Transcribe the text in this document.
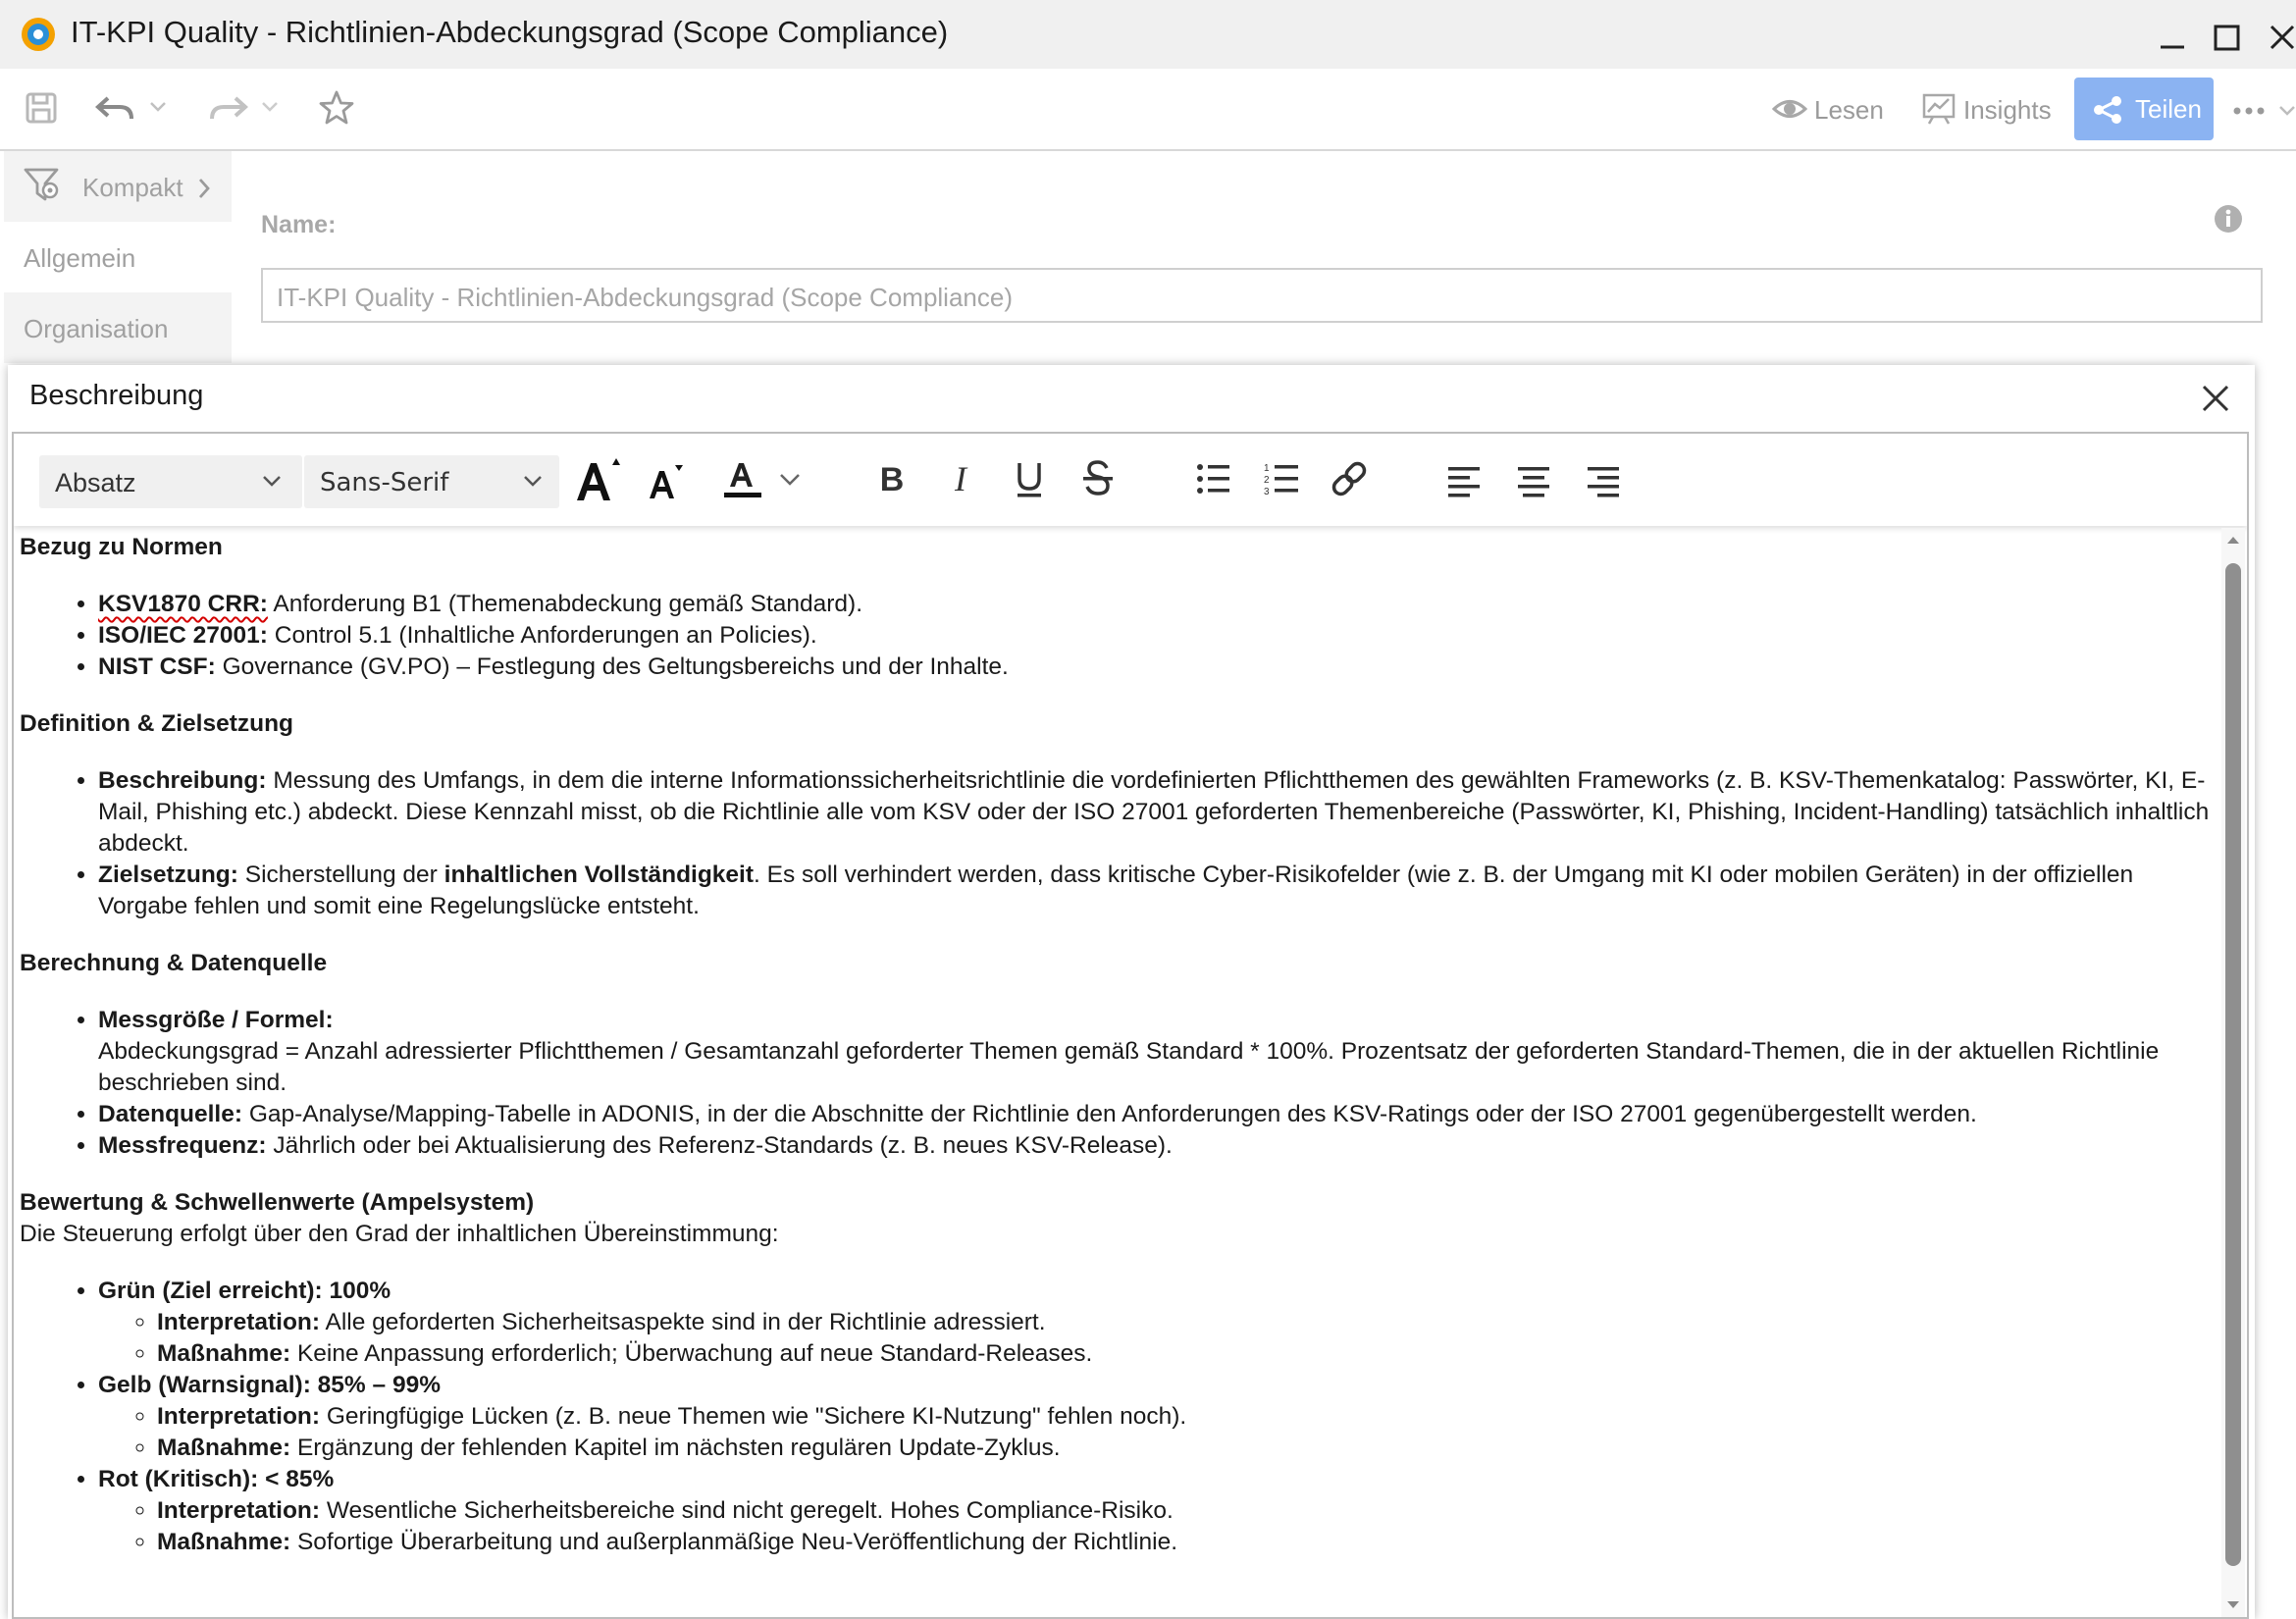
IT-KPI Quality - Richtlinien-Abdeckungsgrad (Scope Compliance)
Lesen	Insights	Teilen
Kompakt
Allgemein
Organisation
Name:
IT-KPI Quality - Richtlinien-Abdeckungsgrad (Scope Compliance)
Beschreibung
Absatz	Sans-Serif	B I	1
2
3
Bezug zu Normen
• KSV1870 CRR: Anforderung B1 (Themenabdeckung gemäß Standard).
• ISO/IEC 27001: Control 5.1 (Inhaltliche Anforderungen an Policies).
• NIST CSF: Governance (GV.PO) – Festlegung des Geltungsbereichs und der Inhalte.
Definition & Zielsetzung
• Beschreibung: Messung des Umfangs, in dem die interne Informationssicherheitsrichtlinie die vordefinierten Pflichtthemen des gewählten Frameworks (z. B. KSV-Themenkatalog: Passwörter, KI, E-Mail, Phishing etc.) abdeckt. Diese Kennzahl misst, ob die Richtlinie alle vom KSV oder der ISO 27001 geforderten Themenbereiche (Passwörter, KI, Phishing, Incident-Handling) tatsächlich inhaltlich abdeckt.
• Zielsetzung: Sicherstellung der inhaltlichen Vollständigkeit. Es soll verhindert werden, dass kritische Cyber-Risikofelder (wie z. B. der Umgang mit KI oder mobilen Geräten) in der offiziellen Vorgabe fehlen und somit eine Regelungslücke entsteht.
Berechnung & Datenquelle
• Messgröße / Formel:
Abdeckungsgrad = Anzahl adressierter Pflichtthemen / Gesamtanzahl geforderter Themen gemäß Standard * 100%. Prozentsatz der geforderten Standard-Themen, die in der aktuellen Richtlinie beschrieben sind.
• Datenquelle: Gap-Analyse/Mapping-Tabelle in ADONIS, in der die Abschnitte der Richtlinie den Anforderungen des KSV-Ratings oder der ISO 27001 gegenübergestellt werden.
• Messfrequenz: Jährlich oder bei Aktualisierung des Referenz-Standards (z. B. neues KSV-Release).
Bewertung & Schwellenwerte (Ampelsystem)

Die Steuerung erfolgt über den Grad der inhaltlichen Übereinstimmung:

• Grün (Ziel erreicht): 100%
◦ Interpretation: Alle geforderten Sicherheitsaspekte sind in der Richtlinie adressiert.
◦ Maßnahme: Keine Anpassung erforderlich; Überwachung auf neue Standard-Releases.
• Gelb (Warnsignal): 85% – 99%
◦ Interpretation: Geringfügige Lücken (z. B. neue Themen wie "Sichere KI-Nutzung" fehlen noch).
◦ Maßnahme: Ergänzung der fehlenden Kapitel im nächsten regulären Update-Zyklus.
• Rot (Kritisch): < 85%
◦ Interpretation: Wesentliche Sicherheitsbereiche sind nicht geregelt. Hohes Compliance-Risiko.
◦ Maßnahme: Sofortige Überarbeitung und außerplanmäßige Neu-Veröffentlichung der Richtlinie.
